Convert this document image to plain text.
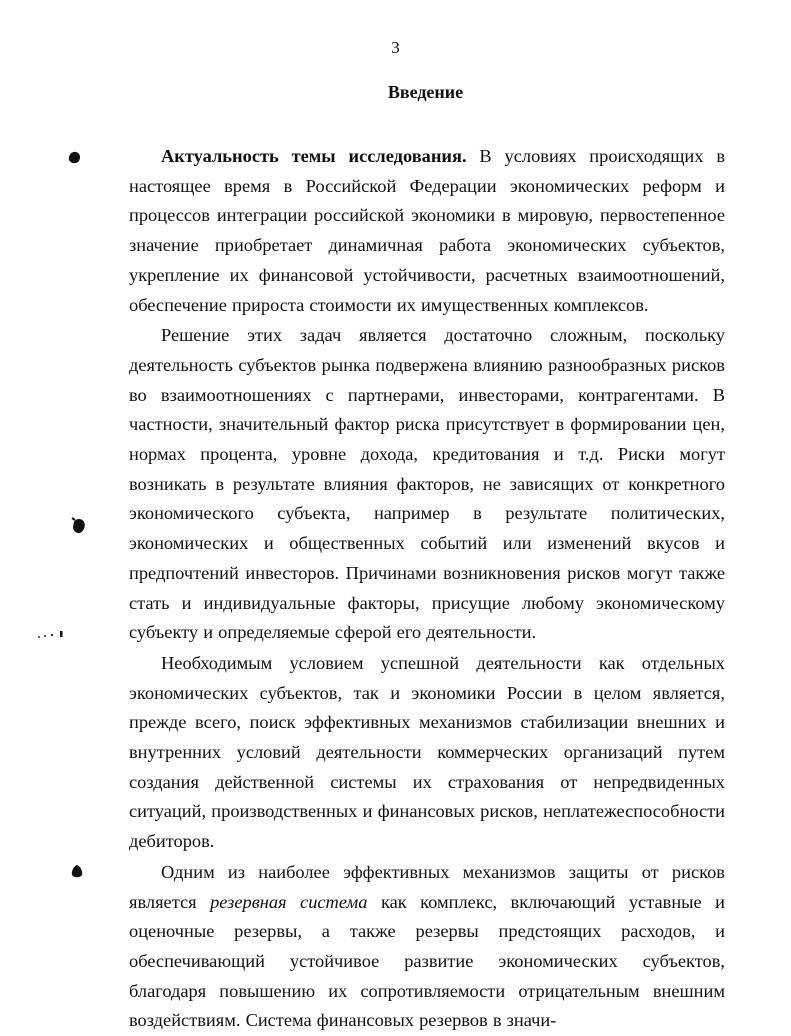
3
Введение

Актуальность темы исследования. В условиях происходящих в настоящее время в Российской Федерации экономических реформ и процессов интеграции российской экономики в мировую, первостепенное значение приобретает динамичная работа экономических субъектов, укрепление их финансовой устойчивости, расчетных взаимоотношений, обеспечение прироста стоимости их имущественных комплексов.

Решение этих задач является достаточно сложным, поскольку деятельность субъектов рынка подвержена влиянию разнообразных рисков во взаимоотношениях с партнерами, инвесторами, контрагентами. В частности, значительный фактор риска присутствует в формировании цен, нормах процента, уровне дохода, кредитования и т.д. Риски могут возникать в результате влияния факторов, не зависящих от конкретного экономического субъекта, например в результате политических, экономических и общественных событий или изменений вкусов и предпочтений инвесторов. Причинами возникновения рисков могут также стать и индивидуальные факторы, присущие любому экономическому субъекту и определяемые сферой его деятельности.

Необходимым условием успешной деятельности как отдельных экономических субъектов, так и экономики России в целом является, прежде всего, поиск эффективных механизмов стабилизации внешних и внутренних условий деятельности коммерческих организаций путем создания действенной системы их страхования от непредвиденных ситуаций, производственных и финансовых рисков, неплатежеспособности дебиторов.

Одним из наиболее эффективных механизмов защиты от рисков является резервная система как комплекс, включающий уставные и оценочные резервы, а также резервы предстоящих расходов, и обеспечивающий устойчивое развитие экономических субъектов, благодаря повышению их сопротивляемости отрицательным внешним воздействиям. Система финансовых резервов в значи-
